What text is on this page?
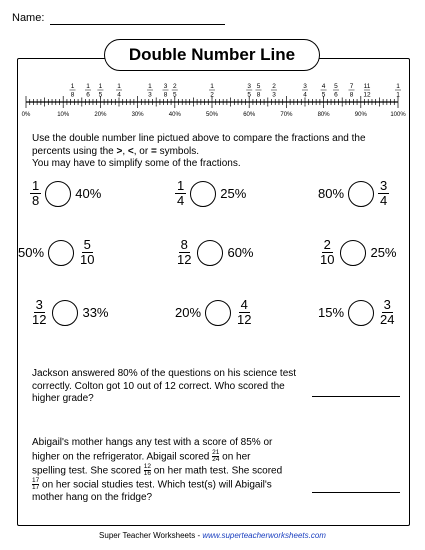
Name:
Double Number Line
0%	10%	20%	30%	40%	50%	60%	70%	80%	90%	100%
1
8
1
6
1
5
1
4
1
3
3
8
2
5
1
2
3
5
5
8
2
3
3
4
4
5
5
6
7
8
11
12
1
1
Use the double number line pictued above to compare the fractions and the
percents using the >, <, or = symbols.
You may have to simplify some of the fractions.
$\frac{1}{8}$	40%	$\frac{1}{4}$	25%	80%	$\frac{3}{4}$
50%	$\frac{5}{10}$	$\frac{8}{12}$	60%	$\frac{2}{10}$	25%
$\frac{3}{12}$	33%	20%	$\frac{4}{12}$	15%	$\frac{3}{24}$
Jackson answered 80% of the questions on his science test
correctly. Colton got 10 out of 12 correct. Who scored the
higher grade?
Abigail's mother hangs any test with a score of 85% or
higher on the refrigerator. Abigail scored $\frac{21}{24}$ on her
spelling test. She scored $\frac{12}{16}$ on her math test. She scored
$\frac{17}{17}$ on her social studies test. Which test(s) will Abigail's
mother hang on the fridge?
Super Teacher Worksheets - www.superteacherworksheets.com
